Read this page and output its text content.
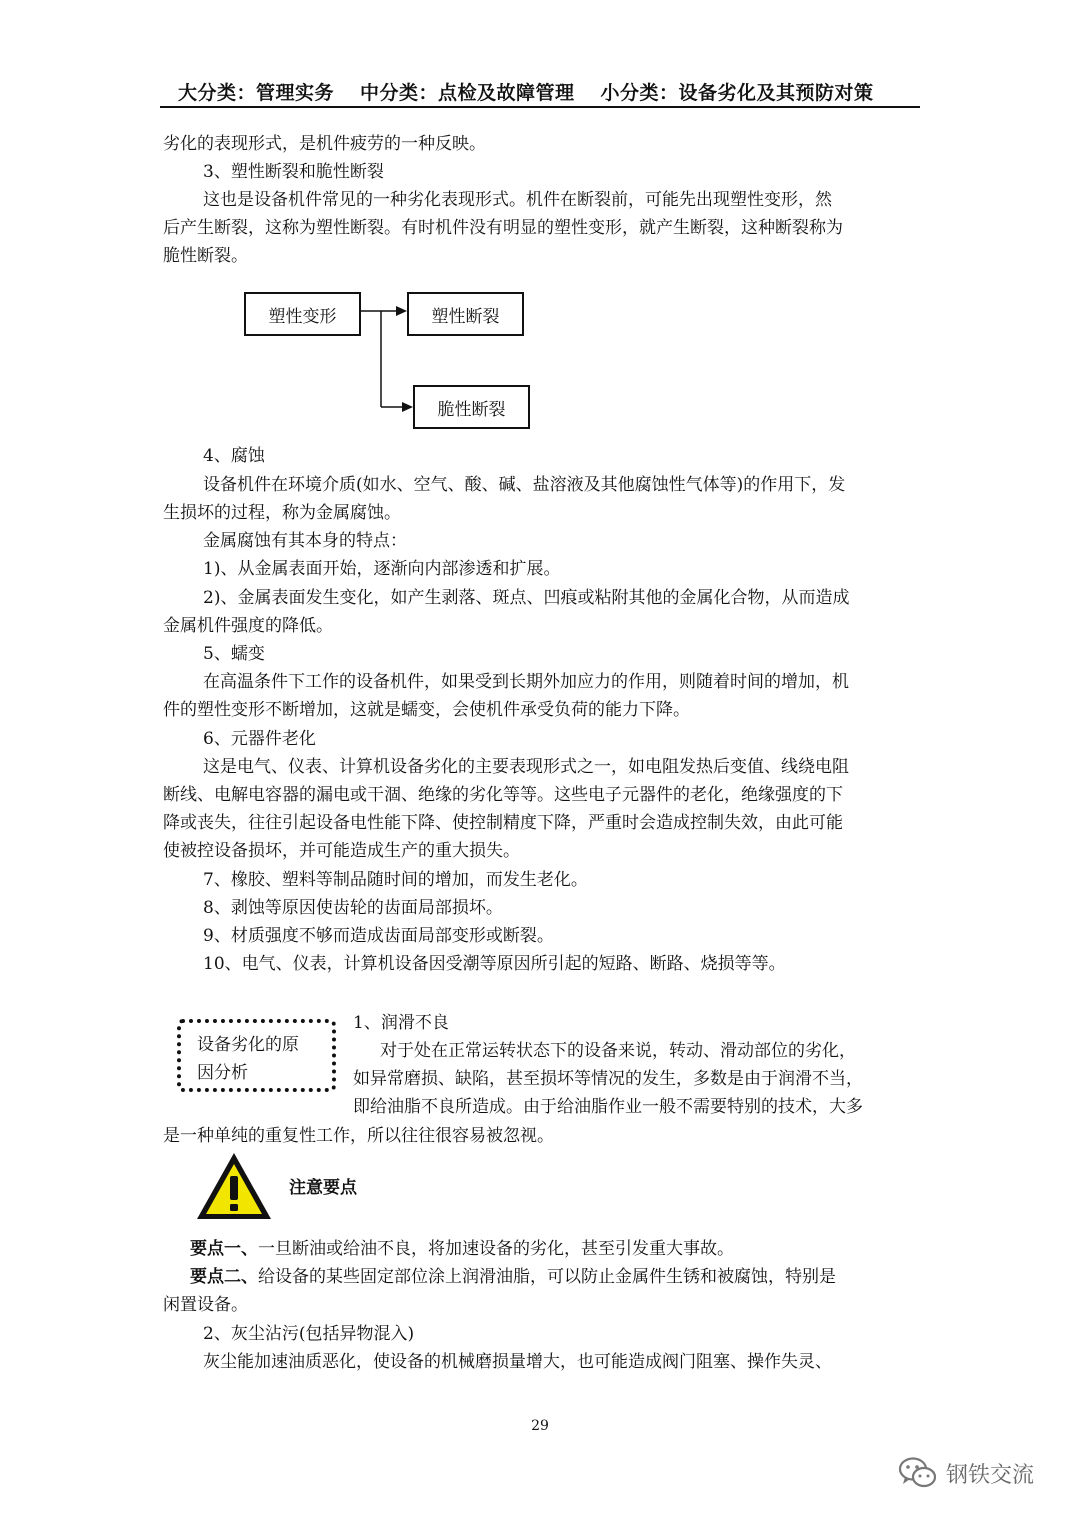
大分类：管理实务 中分类：点检及故障管理 小分类：设备劣化及其预防对策
劣化的表现形式，是机件疲劳的一种反映。
3、塑性断裂和脆性断裂
这也是设备机件常见的一种劣化表现形式。机件在断裂前，可能先出现塑性变形，然
后产生断裂，这称为塑性断裂。有时机件没有明显的塑性变形，就产生断裂，这种断裂称为
脆性断裂。
塑性变形	塑性断裂
脆性断裂
4、腐蚀
设备机件在环境介质(如水、空气、酸、碱、盐溶液及其他腐蚀性气体等)的作用下，发
生损坏的过程，称为金属腐蚀。
金属腐蚀有其本身的特点：
1)、从金属表面开始，逐渐向内部渗透和扩展。
2)、金属表面发生变化，如产生剥落、斑点、凹痕或粘附其他的金属化合物，从而造成
金属机件强度的降低。
5、蠕变
在高温条件下工作的设备机件，如果受到长期外加应力的作用，则随着时间的增加，机
件的塑性变形不断增加，这就是蠕变，会使机件承受负荷的能力下降。
6、元器件老化
这是电气、仪表、计算机设备劣化的主要表现形式之一，如电阻发热后变值、线绕电阻
断线、电解电容器的漏电或干涸、绝缘的劣化等等。这些电子元器件的老化，绝缘强度的下
降或丧失，往往引起设备电性能下降、使控制精度下降，严重时会造成控制失效，由此可能
使被控设备损坏，并可能造成生产的重大损失。
7、橡胶、塑料等制品随时间的增加，而发生老化。
8、剥蚀等原因使齿轮的齿面局部损坏。
9、材质强度不够而造成齿面局部变形或断裂。
10、电气、仪表，计算机设备因受潮等原因所引起的短路、断路、烧损等等。
设备劣化的原
因分析
1、润滑不良
对于处在正常运转状态下的设备来说，转动、滑动部位的劣化，
如异常磨损、缺陷，甚至损坏等情况的发生，多数是由于润滑不当，
即给油脂不良所造成。由于给油脂作业一般不需要特别的技术，大多
是一种单纯的重复性工作，所以往往很容易被忽视。
注意要点
要点一、一旦断油或给油不良，将加速设备的劣化，甚至引发重大事故。
要点二、给设备的某些固定部位涂上润滑油脂，可以防止金属件生锈和被腐蚀，特别是
闲置设备。
2、灰尘沾污(包括异物混入)
灰尘能加速油质恶化，使设备的机械磨损量增大，也可能造成阀门阻塞、操作失灵、
29
钢铁交流
